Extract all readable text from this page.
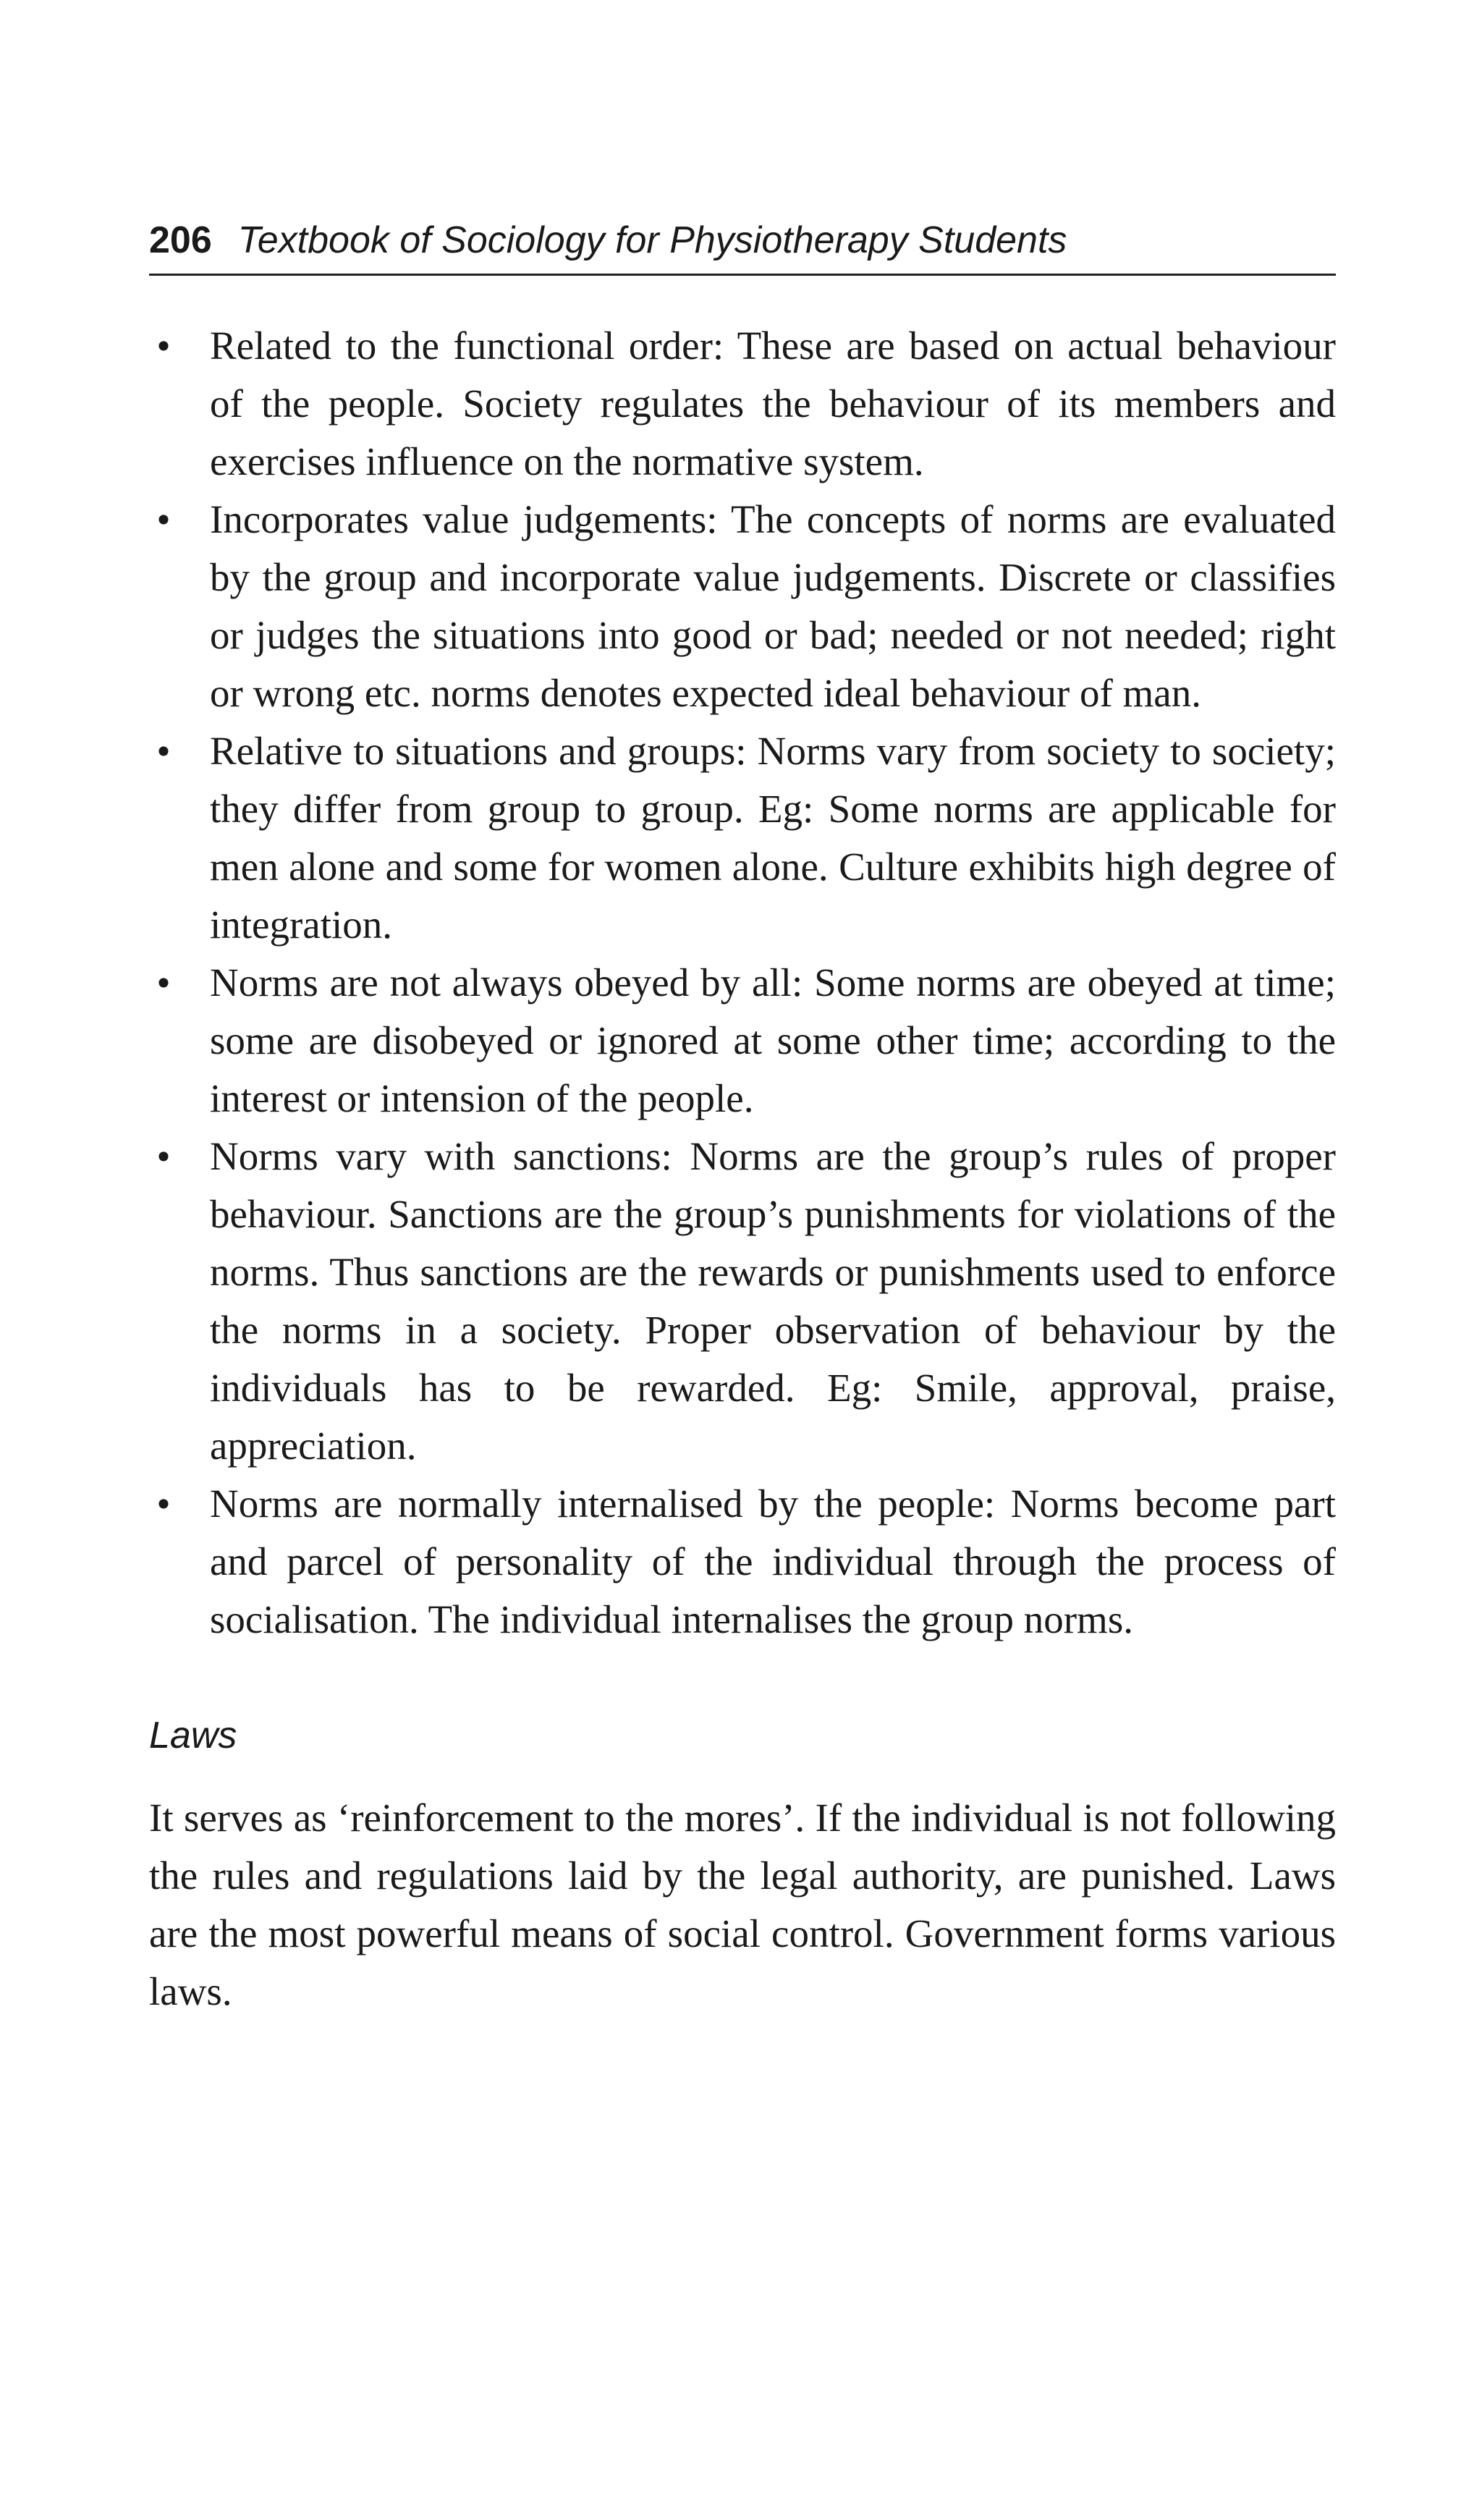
206 Textbook of Sociology for Physiotherapy Students
• Related to the functional order: These are based on actual behaviour of the people. Society regulates the behaviour of its members and exercises influence on the normative system.
• Incorporates value judgements: The concepts of norms are evaluated by the group and incorporate value judgements. Discrete or classifies or judges the situations into good or bad; needed or not needed; right or wrong etc. norms denotes expected ideal behaviour of man.
• Relative to situations and groups: Norms vary from society to society; they differ from group to group. Eg: Some norms are applicable for men alone and some for women alone. Culture exhibits high degree of integration.
• Norms are not always obeyed by all: Some norms are obeyed at time; some are disobeyed or ignored at some other time; according to the interest or intension of the people.
• Norms vary with sanctions: Norms are the group’s rules of proper behaviour. Sanctions are the group’s punishments for violations of the norms. Thus sanctions are the rewards or punishments used to enforce the norms in a society. Proper observation of behaviour by the individuals has to be rewarded. Eg: Smile, approval, praise, appreciation.
• Norms are normally internalised by the people: Norms become part and parcel of personality of the individual through the process of socialisation. The individual internalises the group norms.
Laws

It serves as ‘reinforcement to the mores’. If the individual is not following the rules and regulations laid by the legal authority, are punished. Laws are the most powerful means of social control. Government forms various laws.
